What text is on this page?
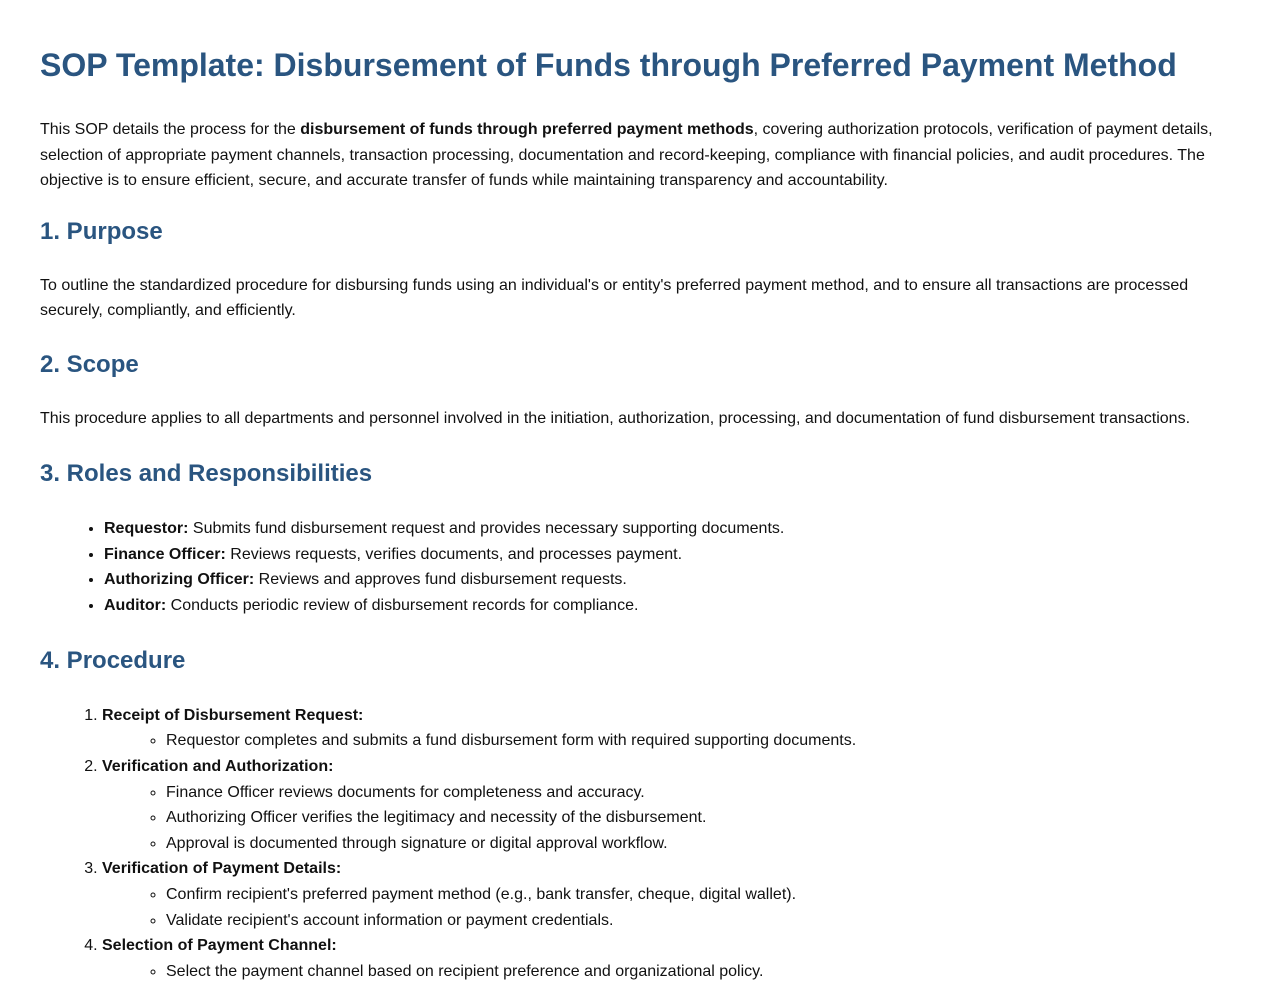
SOP Template: Disbursement of Funds through Preferred Payment Method

This SOP details the process for the disbursement of funds through preferred payment methods, covering authorization protocols, verification of payment details, selection of appropriate payment channels, transaction processing, documentation and record-keeping, compliance with financial policies, and audit procedures. The objective is to ensure efficient, secure, and accurate transfer of funds while maintaining transparency and accountability.

1. Purpose

To outline the standardized procedure for disbursing funds using an individual's or entity's preferred payment method, and to ensure all transactions are processed securely, compliantly, and efficiently.

2. Scope

This procedure applies to all departments and personnel involved in the initiation, authorization, processing, and documentation of fund disbursement transactions.

3. Roles and Responsibilities
• Requestor: Submits fund disbursement request and provides necessary supporting documents.
• Finance Officer: Reviews requests, verifies documents, and processes payment.
• Authorizing Officer: Reviews and approves fund disbursement requests.
• Auditor: Conducts periodic review of disbursement records for compliance.
4. Procedure
1. Receipt of Disbursement Request:
◦ Requestor completes and submits a fund disbursement form with required supporting documents.
2. Verification and Authorization:
◦ Finance Officer reviews documents for completeness and accuracy.
◦ Authorizing Officer verifies the legitimacy and necessity of the disbursement.
◦ Approval is documented through signature or digital approval workflow.
3. Verification of Payment Details:
◦ Confirm recipient's preferred payment method (e.g., bank transfer, cheque, digital wallet).
◦ Validate recipient's account information or payment credentials.
4. Selection of Payment Channel:
◦ Select the payment channel based on recipient preference and organizational policy.
